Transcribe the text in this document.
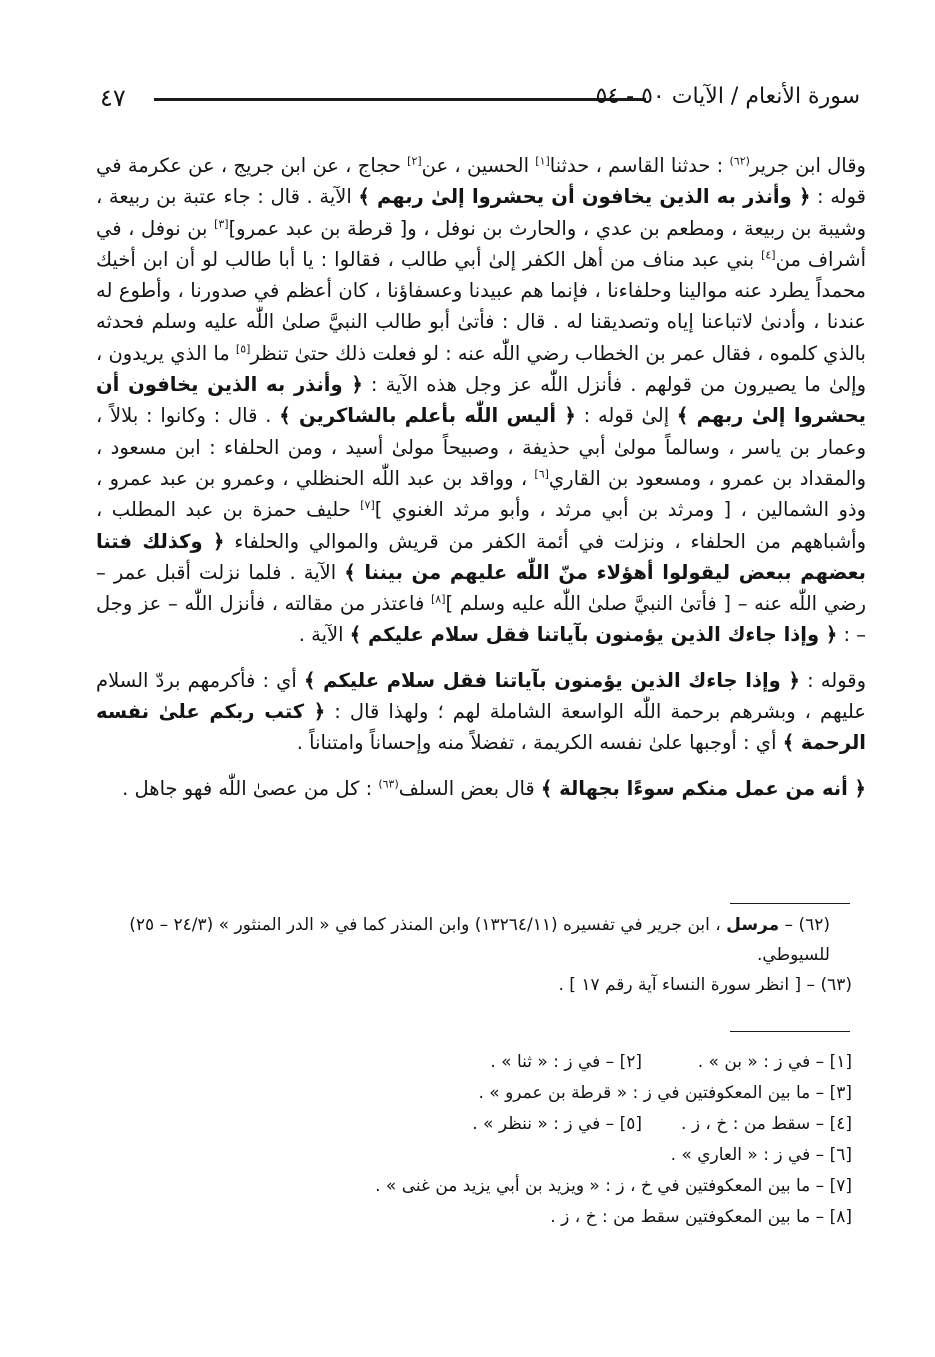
٤٧	سورة الأنعام / الآيات ٥٠ - ٥٤

وقال ابن جرير$^{(٦٢)}$ : حدثنا القاسم ، حدثنا[١] الحسين ، عن[٢] حجاج ، عن ابن جريج ، عن عكرمة في قوله : ﴿ وأنذر به الذين يخافون أن يحشروا إلىٰ ربهم ﴾ الآية . قال : جاء عتبة بن ربيعة ، وشيبة بن ربيعة ، ومطعم بن عدي ، والحارث بن نوفل ، و[ قرطة بن عبد عمرو][٣] بن نوفل ، في أشراف من[٤] بني عبد مناف من أهل الكفر إلىٰ أبي طالب ، فقالوا : يا أبا طالب لو أن ابن أخيك محمداً يطرد عنه موالينا وحلفاءنا ، فإنما هم عبيدنا وعسفاؤنا ، كان أعظم في صدورنا ، وأطوع له عندنا ، وأدنىٰ لاتباعنا إياه وتصديقنا له . قال : فأتىٰ أبو طالب النبيَّ صلىٰ اللّٰه عليه وسلم فحدثه بالذي كلموه ، فقال عمر بن الخطاب رضي اللّٰه عنه : لو فعلت ذلك حتىٰ تنظر[٥] ما الذي يريدون ، وإلىٰ ما يصيرون من قولهم . فأنزل اللّٰه عز وجل هذه الآية : ﴿ وأنذر به الذين يخافون أن يحشروا إلىٰ ربهم ﴾ إلىٰ قوله : ﴿ أليس اللّٰه بأعلم بالشاكرين ﴾ . قال : وكانوا : بلالاً ، وعمار بن ياسر ، وسالماً مولىٰ أبي حذيفة ، وصبيحاً مولىٰ أسيد ، ومن الحلفاء : ابن مسعود ، والمقداد بن عمرو ، ومسعود بن القاري[٦] ، وواقد بن عبد اللّٰه الحنظلي ، وعمرو بن عبد عمرو ، وذو الشمالين ، [ ومرثد بن أبي مرثد ، وأبو مرثد الغنوي ][٧] حليف حمزة بن عبد المطلب ، وأشباههم من الحلفاء ، ونزلت في أئمة الكفر من قريش والموالي والحلفاء ﴿ وكذلك فتنا بعضهم ببعض ليقولوا أهؤلاء منّ اللّٰه عليهم من بيننا ﴾ الآية . فلما نزلت أقبل عمر – رضي اللّٰه عنه – [ فأتىٰ النبيَّ صلىٰ اللّٰه عليه وسلم ][٨] فاعتذر من مقالته ، فأنزل اللّٰه – عز وجل – : ﴿ وإذا جاءك الذين يؤمنون بآياتنا فقل سلام عليكم ﴾ الآية .

وقوله : ﴿ وإذا جاءك الذين يؤمنون بآياتنا فقل سلام عليكم ﴾ أي : فأكرمهم بردّ السلام عليهم ، وبشرهم برحمة اللّٰه الواسعة الشاملة لهم ؛ ولهذا قال : ﴿ كتب ربكم علىٰ نفسه الرحمة ﴾ أي : أوجبها علىٰ نفسه الكريمة ، تفضلاً منه وإحساناً وامتناناً .

﴿ أنه من عمل منكم سوءًا بجهالة ﴾ قال بعض السلف$^{(٦٣)}$ : كل من عصىٰ اللّٰه فهو جاهل .

(٦٢) – مرسل ، ابن جرير في تفسيره (١٣٢٦٤/١١) وابن المنذر كما في « الدر المنثور » (٢٤/٣ – ٢٥) للسيوطي.

(٦٣) – [ انظر سورة النساء آية رقم ١٧ ] .

[١] – في ز : « بن » .
[٢] – في ز : « ثنا » .
[٣] – ما بين المعكوفتين في ز : « قرطة بن عمرو » .
[٤] – سقط من : خ ، ز .
[٥] – في ز : « ننظر » .
[٦] – في ز : « العاري » .
[٧] – ما بين المعكوفتين في خ ، ز : « ويزيد بن أبي يزيد من غنى » .
[٨] – ما بين المعكوفتين سقط من : خ ، ز .
